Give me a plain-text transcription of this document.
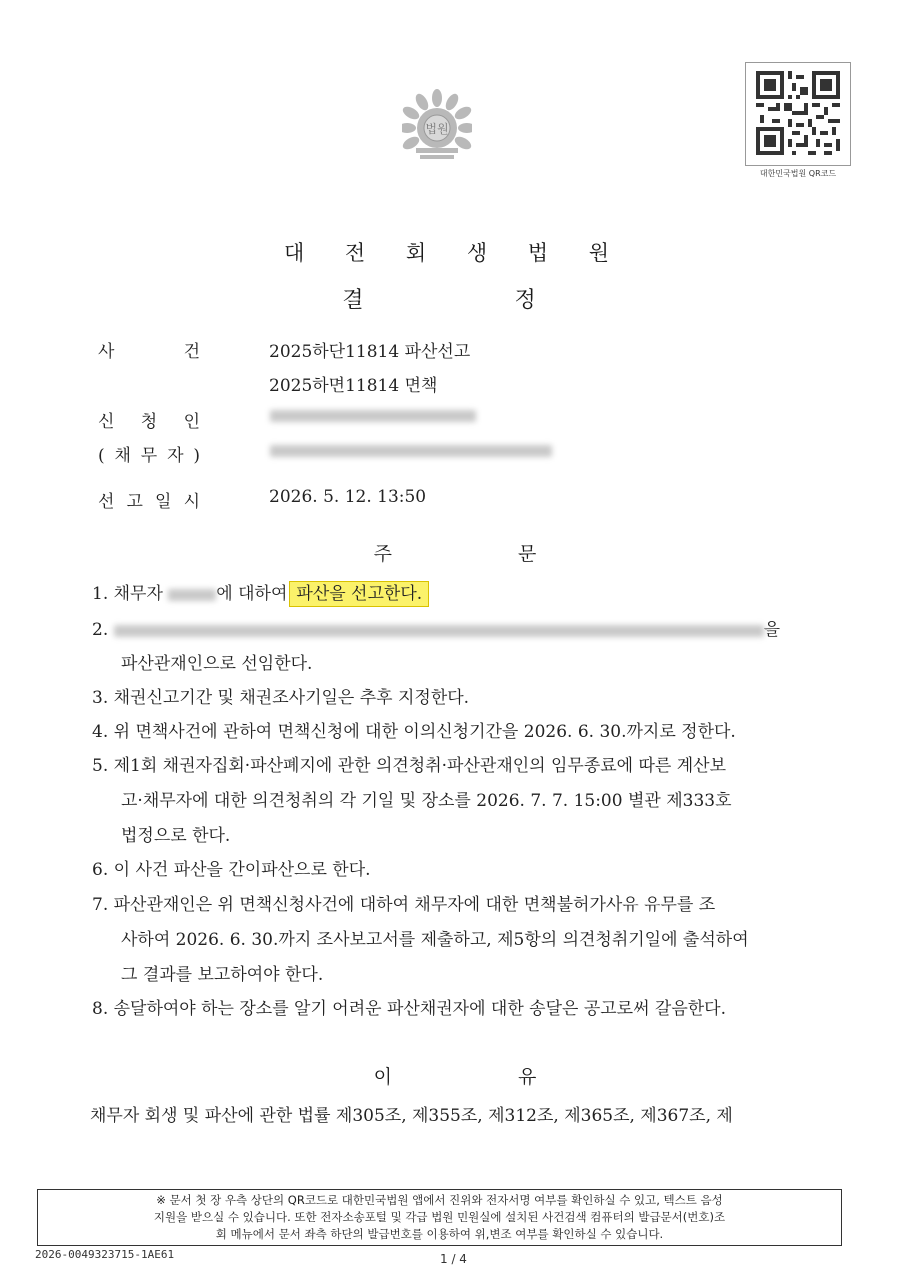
법원
대한민국법원 QR코드
대 전 회 생 법 원
결 정
사 건	2025하단11814 파산선고
2025하면11814 면책
신 청 인
( 채 무 자 )
선 고 일 시	2026. 5. 12. 13:50
주 문
1. 채무자	에 대하여 파산을 선고한다.
2.	을
파산관재인으로 선임한다.
3. 채권신고기간 및 채권조사기일은 추후 지정한다.
4. 위 면책사건에 관하여 면책신청에 대한 이의신청기간을 2026. 6. 30.까지로 정한다.
5. 제1회 채권자집회·파산폐지에 관한 의견청취·파산관재인의 임무종료에 따른 계산보
고·채무자에 대한 의견청취의 각 기일 및 장소를 2026. 7. 7. 15:00 별관 제333호
법정으로 한다.
6. 이 사건 파산을 간이파산으로 한다.
7. 파산관재인은 위 면책신청사건에 대하여 채무자에 대한 면책불허가사유 유무를 조
사하여 2026. 6. 30.까지 조사보고서를 제출하고, 제5항의 의견청취기일에 출석하여
그 결과를 보고하여야 한다.
8. 송달하여야 하는 장소를 알기 어려운 파산채권자에 대한 송달은 공고로써 갈음한다.
이 유
채무자 회생 및 파산에 관한 법률 제305조, 제355조, 제312조, 제365조, 제367조, 제
※ 문서 첫 장 우측 상단의 QR코드로 대한민국법원 앱에서 진위와 전자서명 여부를 확인하실 수 있고, 텍스트 음성
지원을 받으실 수 있습니다. 또한 전자소송포털 및 각급 법원 민원실에 설치된 사건검색 컴퓨터의 발급문서(번호)조
회 메뉴에서 문서 좌측 하단의 발급번호를 이용하여 위,변조 여부를 확인하실 수 있습니다.
2026-0049323715-1AE61	1 / 4
